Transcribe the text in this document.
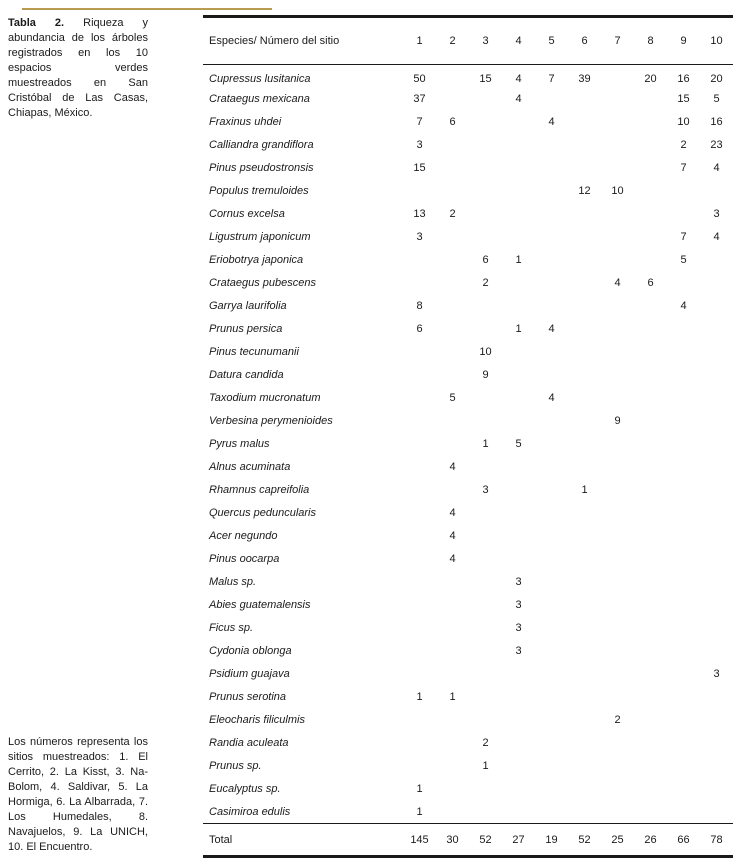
Tabla 2. Riqueza y abundancia de los árboles registrados en los 10 espacios verdes muestreados en San Cristóbal de Las Casas, Chiapas, México.
Los números representa los sitios muestreados: 1. El Cerrito, 2. La Kisst, 3. Na-Bolom, 4. Saldivar, 5. La Hormiga, 6. La Albarrada, 7. Los Humedales, 8. Navajuelos, 9. La UNICH, 10. El Encuentro.
Especies/ Número del sitio	1	2	3	4	5	6	7	8	9	10
Cupressus lusitanica	50		15	4	7	39		20	16	20
Crataegus mexicana	37			4					15	5
Fraxinus uhdei	7	6			4				10	16
Calliandra grandiflora	3								2	23
Pinus pseudostronsis	15								7	4
Populus tremuloides						12	10			
Cornus excelsa	13	2								3
Ligustrum japonicum	3								7	4
Eriobotrya japonica			6	1					5	
Crataegus pubescens			2				4	6		
Garrya laurifolia	8								4	
Prunus persica	6			1	4					
Pinus tecunumanii			10							
Datura candida			9							
Taxodium mucronatum		5			4					
Verbesina perymenioides							9			
Pyrus malus			1	5						
Alnus acuminata		4								
Rhamnus capreifolia			3			1				
Quercus peduncularis		4								
Acer negundo		4								
Pinus oocarpa		4								
Malus sp.				3						
Abies guatemalensis				3						
Ficus sp.				3						
Cydonia oblonga				3						
Psidium guajava										3
Prunus serotina	1	1								
Eleocharis filiculmis							2			
Randia aculeata			2							
Prunus sp.			1							
Eucalyptus sp.	1									
Casimiroa edulis	1									
Total	145	30	52	27	19	52	25	26	66	78
